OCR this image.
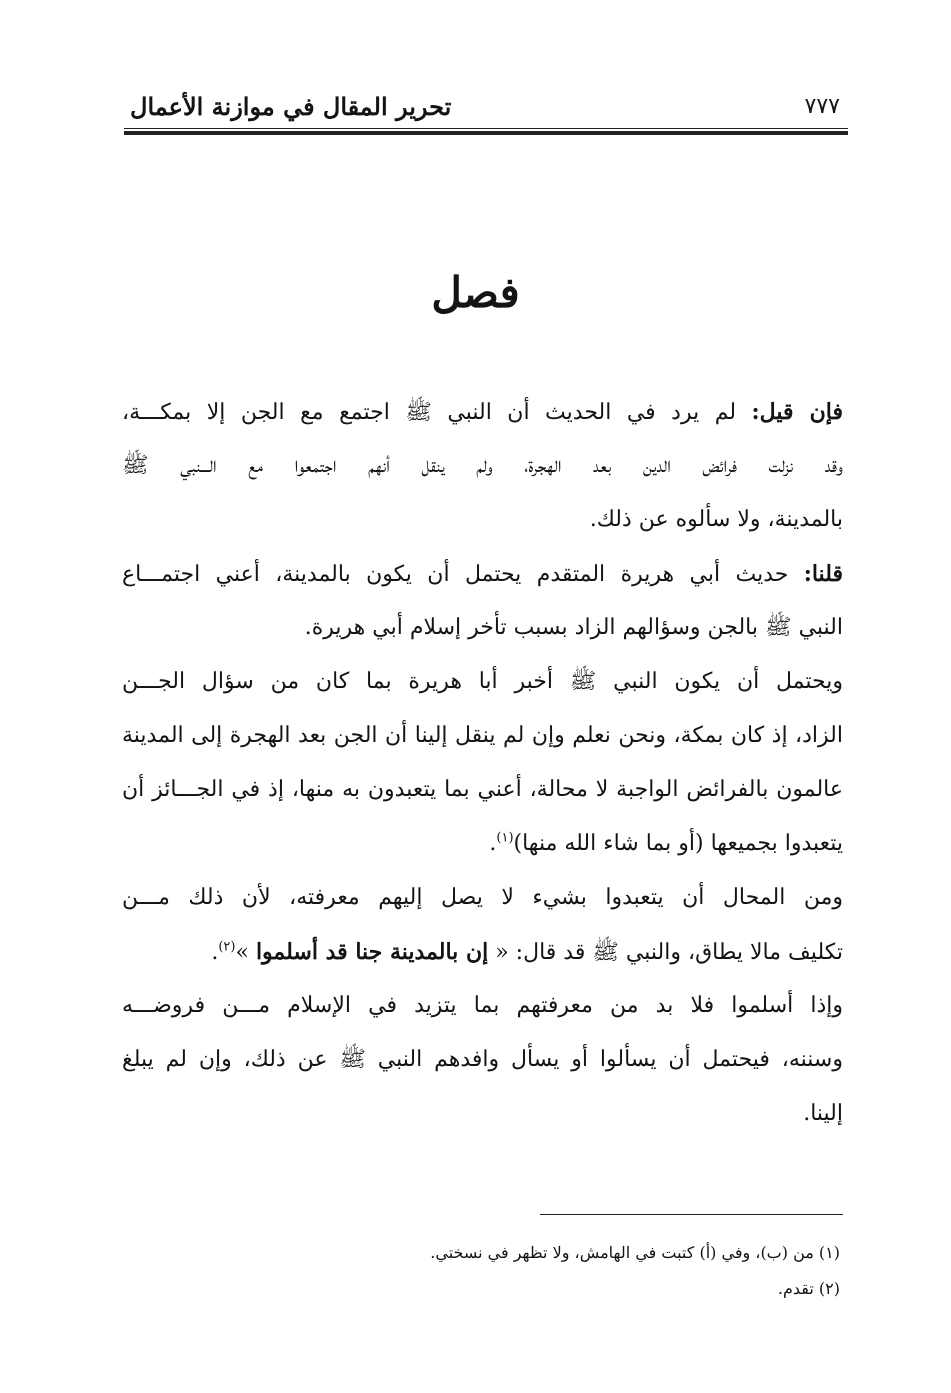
تحرير المقال في موازنة الأعمال	٧٧٧
فصل
فإن قيل: لم يرد في الحديث أن النبي ﷺ اجتمع مع الجن إلا بمكـــة،
وقد نزلت فرائض الدين بعد الهجرة، ولم ينقل أنهم اجتمعوا مع الـــنبي ﷺ
بالمدينة، ولا سألوه عن ذلك.
قلنا: حديث أبي هريرة المتقدم يحتمل أن يكون بالمدينة، أعني اجتمـــاع
النبي ﷺ بالجن وسؤالهم الزاد بسبب تأخر إسلام أبي هريرة.
ويحتمل أن يكون النبي ﷺ أخبر أبا هريرة بما كان من سؤال الجـــن
الزاد، إذ كان بمكة، ونحن نعلم وإن لم ينقل إلينا أن الجن بعد الهجرة إلى المدينة
عالمون بالفرائض الواجبة لا محالة، أعني بما يتعبدون به منها، إذ في الجـــائز أن
يتعبدوا بجميعها (أو بما شاء الله منها)$^{(١)}$.
ومن المحال أن يتعبدوا بشيء لا يصل إليهم معرفته، لأن ذلك مـــن
تكليف مالا يطاق، والنبي ﷺ قد قال: « إن بالمدينة جنا قد أسلموا »$^{(٢)}$.
وإذا أسلموا فلا بد من معرفتهم بما يتزيد في الإسلام مـــن فروضـــه
وسننه، فيحتمل أن يسألوا أو يسأل وافدهم النبي ﷺ عن ذلك، وإن لم يبلغ
إلينا.
(١) من (ب)، وفي (أ) كتبت في الهامش، ولا تظهر في نسختي.
(٢) تقدم.
